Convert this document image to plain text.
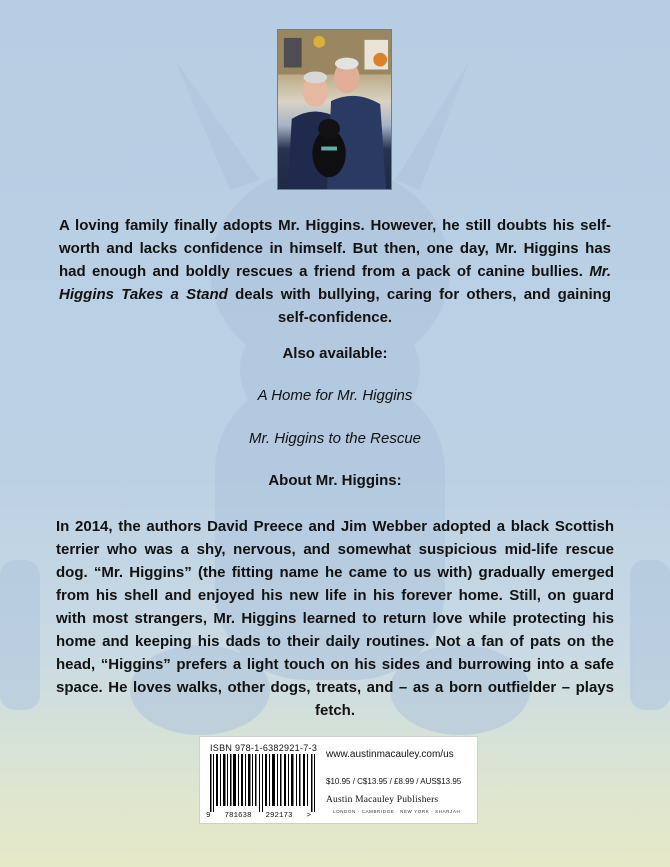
A loving family finally adopts Mr. Higgins. However, he still doubts his self-worth and lacks confidence in himself. But then, one day, Mr. Higgins has had enough and boldly rescues a friend from a pack of canine bullies. Mr. Higgins Takes a Stand deals with bullying, caring for others, and gaining self-confidence.
Also available:
A Home for Mr. Higgins
Mr. Higgins to the Rescue
About Mr. Higgins:
In 2014, the authors David Preece and Jim Webber adopted a black Scottish terrier who was a shy, nervous, and somewhat suspicious mid-life rescue dog. “Mr. Higgins” (the fitting name he came to us with) gradually emerged from his shell and enjoyed his new life in his forever home. Still, on guard with most strangers, Mr. Higgins learned to return love while protecting his home and keeping his dads to their daily routines. Not a fan of pats on the head, “Higgins” prefers a light touch on his sides and burrowing into a safe space. He loves walks, other dogs, treats, and – as a born outfielder – plays fetch.
ISBN 978-1-6382921-7-3
9 781638 292173 >
www.austinmacauley.com/us
$10.95 / C$13.95 / £8.99 / AUS$13.95
Austin Macauley Publishers
LONDON · CAMBRIDGE · NEW YORK · SHARJAH
